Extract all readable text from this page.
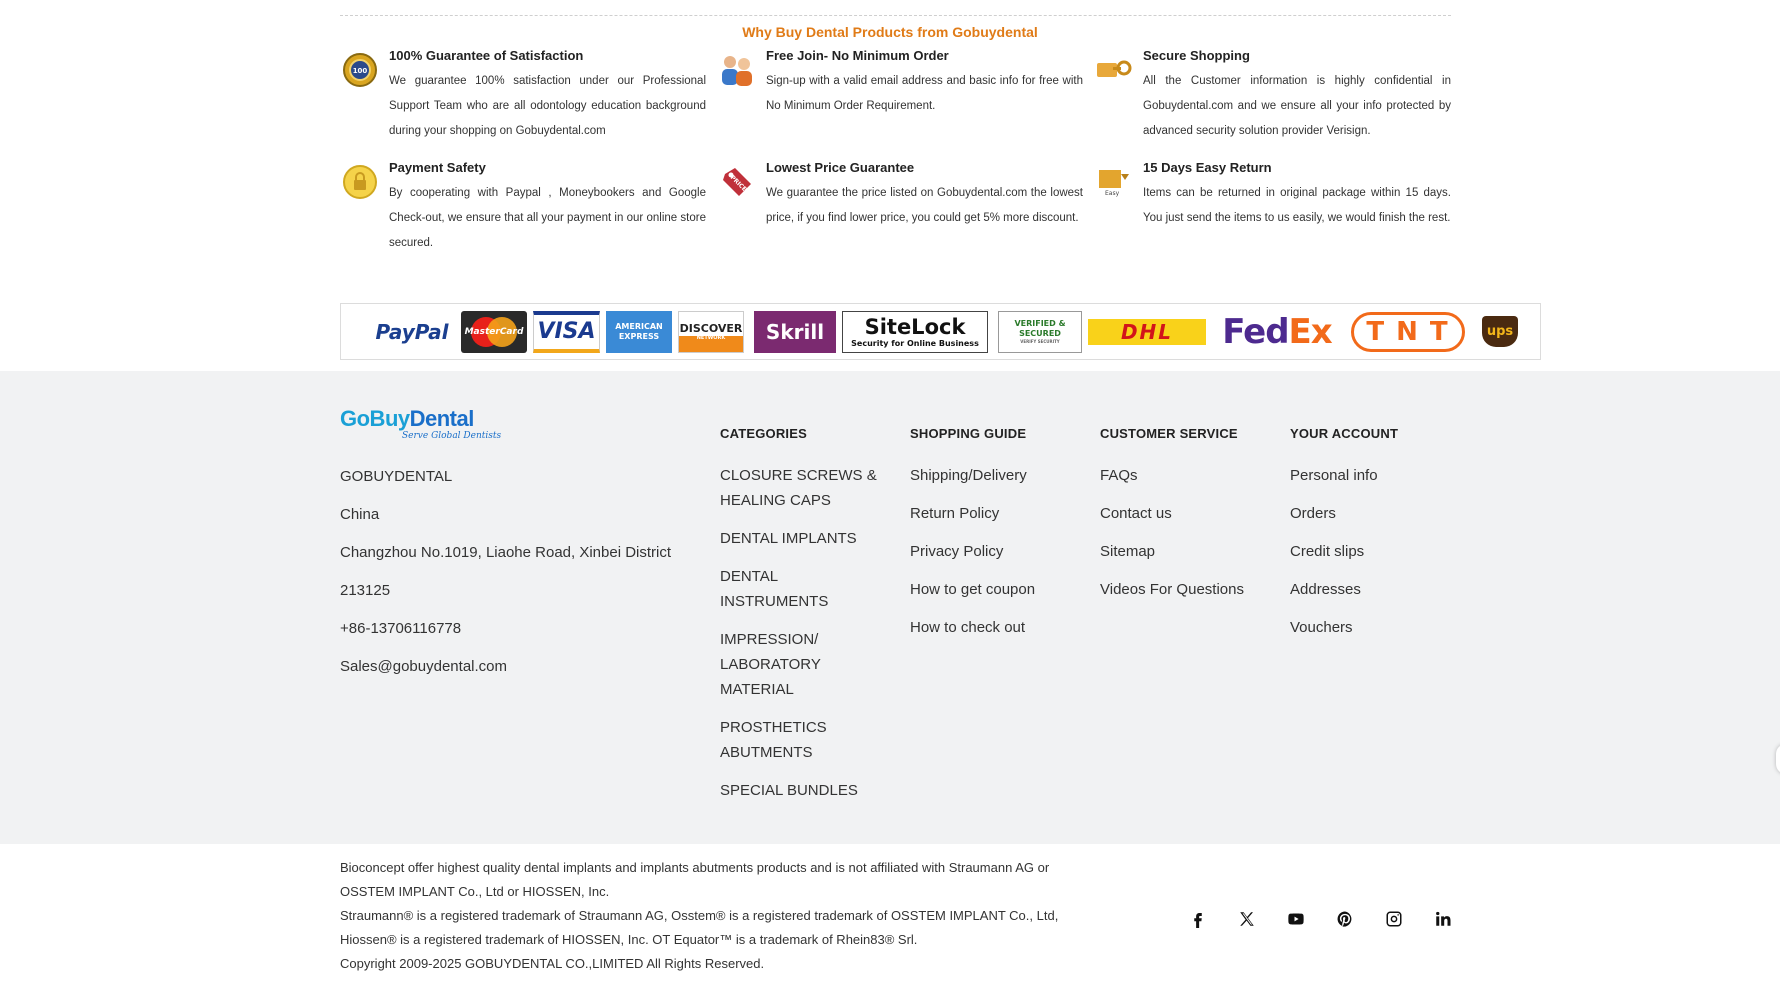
Why Buy Dental Products from Gobuydental
100
100% Guarantee of Satisfaction
We guarantee 100% satisfaction under our Professional Support Team who are all odontology education background during your shopping on Gobuydental.com
Free Join- No Minimum Order
Sign-up with a valid email address and basic info for free with No Minimum Order Requirement.
Secure Shopping
All the Customer information is highly confidential in Gobuydental.com and we ensure all your info protected by advanced security solution provider Verisign.
Payment Safety
By cooperating with Paypal , Moneybookers and Google Check-out, we ensure that all your payment in our online store secured.
PRICE
Lowest Price Guarantee
We guarantee the price listed on Gobuydental.com the lowest price, if you find lower price, you could get 5% more discount.
Easy
15 Days Easy Return
Items can be returned in original package within 15 days. You just send the items to us easily, we would finish the rest.
PayPal MasterCard VISA AMERICAN EXPRESS
DISCOVER
NETWORK Skrill SiteLock
Security for Online Business
VERIFIED & SECURED
VERIFY SECURITY	DHL Fed Ex	TNT	ups
GoBuyDental
Serve Global Dentists
GOBUYDENTAL
China
Changzhou No.1019, Liaohe Road, Xinbei District
213125
+86-13706116778
Sales@gobuydental.com
CATEGORIES
CLOSURE SCREWS & HEALING CAPS
DENTAL IMPLANTS
DENTAL INSTRUMENTS
IMPRESSION/ LABORATORY MATERIAL
PROSTHETICS ABUTMENTS
SPECIAL BUNDLES
SHOPPING GUIDE
Shipping/Delivery
Return Policy
Privacy Policy
How to get coupon
How to check out
CUSTOMER SERVICE
FAQs
Contact us
Sitemap
Videos For Questions
YOUR ACCOUNT
Personal info
Orders
Credit slips
Addresses
Vouchers
Bioconcept offer highest quality dental implants and implants abutments products and is not affiliated with Straumann AG or OSSTEM IMPLANT Co., Ltd or HIOSSEN, Inc.
Straumann® is a registered trademark of Straumann AG, Osstem® is a registered trademark of OSSTEM IMPLANT Co., Ltd, Hiossen® is a registered trademark of HIOSSEN, Inc. OT Equator™ is a trademark of Rhein83® Srl.
Copyright 2009-2025 GOBUYDENTAL CO.,LIMITED All Rights Reserved.
